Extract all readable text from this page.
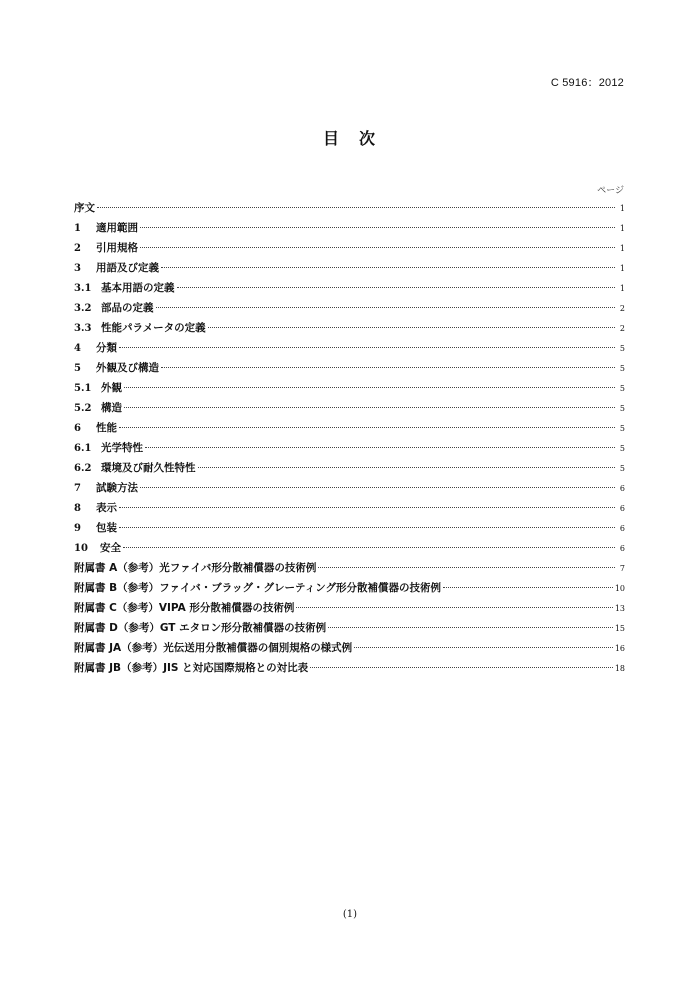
C 5916：2012
目　次
ページ
序文	1
1	適用範囲	1
2	引用規格	1
3	用語及び定義	1
3.1 基本用語の定義	1
3.2 部品の定義	2
3.3 性能パラメータの定義	2
4	分類	5
5	外観及び構造	5
5.1 外観	5
5.2 構造	5
6	性能	5
6.1 光学特性	5
6.2 環境及び耐久性特性	5
7	試験方法	6
8	表示	6
9	包装	6
10	安全	6
附属書 A（参考）光ファイバ形分散補償器の技術例	7
附属書 B（参考）ファイバ・ブラッグ・グレーティング形分散補償器の技術例	10
附属書 C（参考）VIPA 形分散補償器の技術例	13
附属書 D（参考）GT エタロン形分散補償器の技術例	15
附属書 JA（参考）光伝送用分散補償器の個別規格の様式例	16
附属書 JB（参考）JIS と対応国際規格との対比表	18
(1)
